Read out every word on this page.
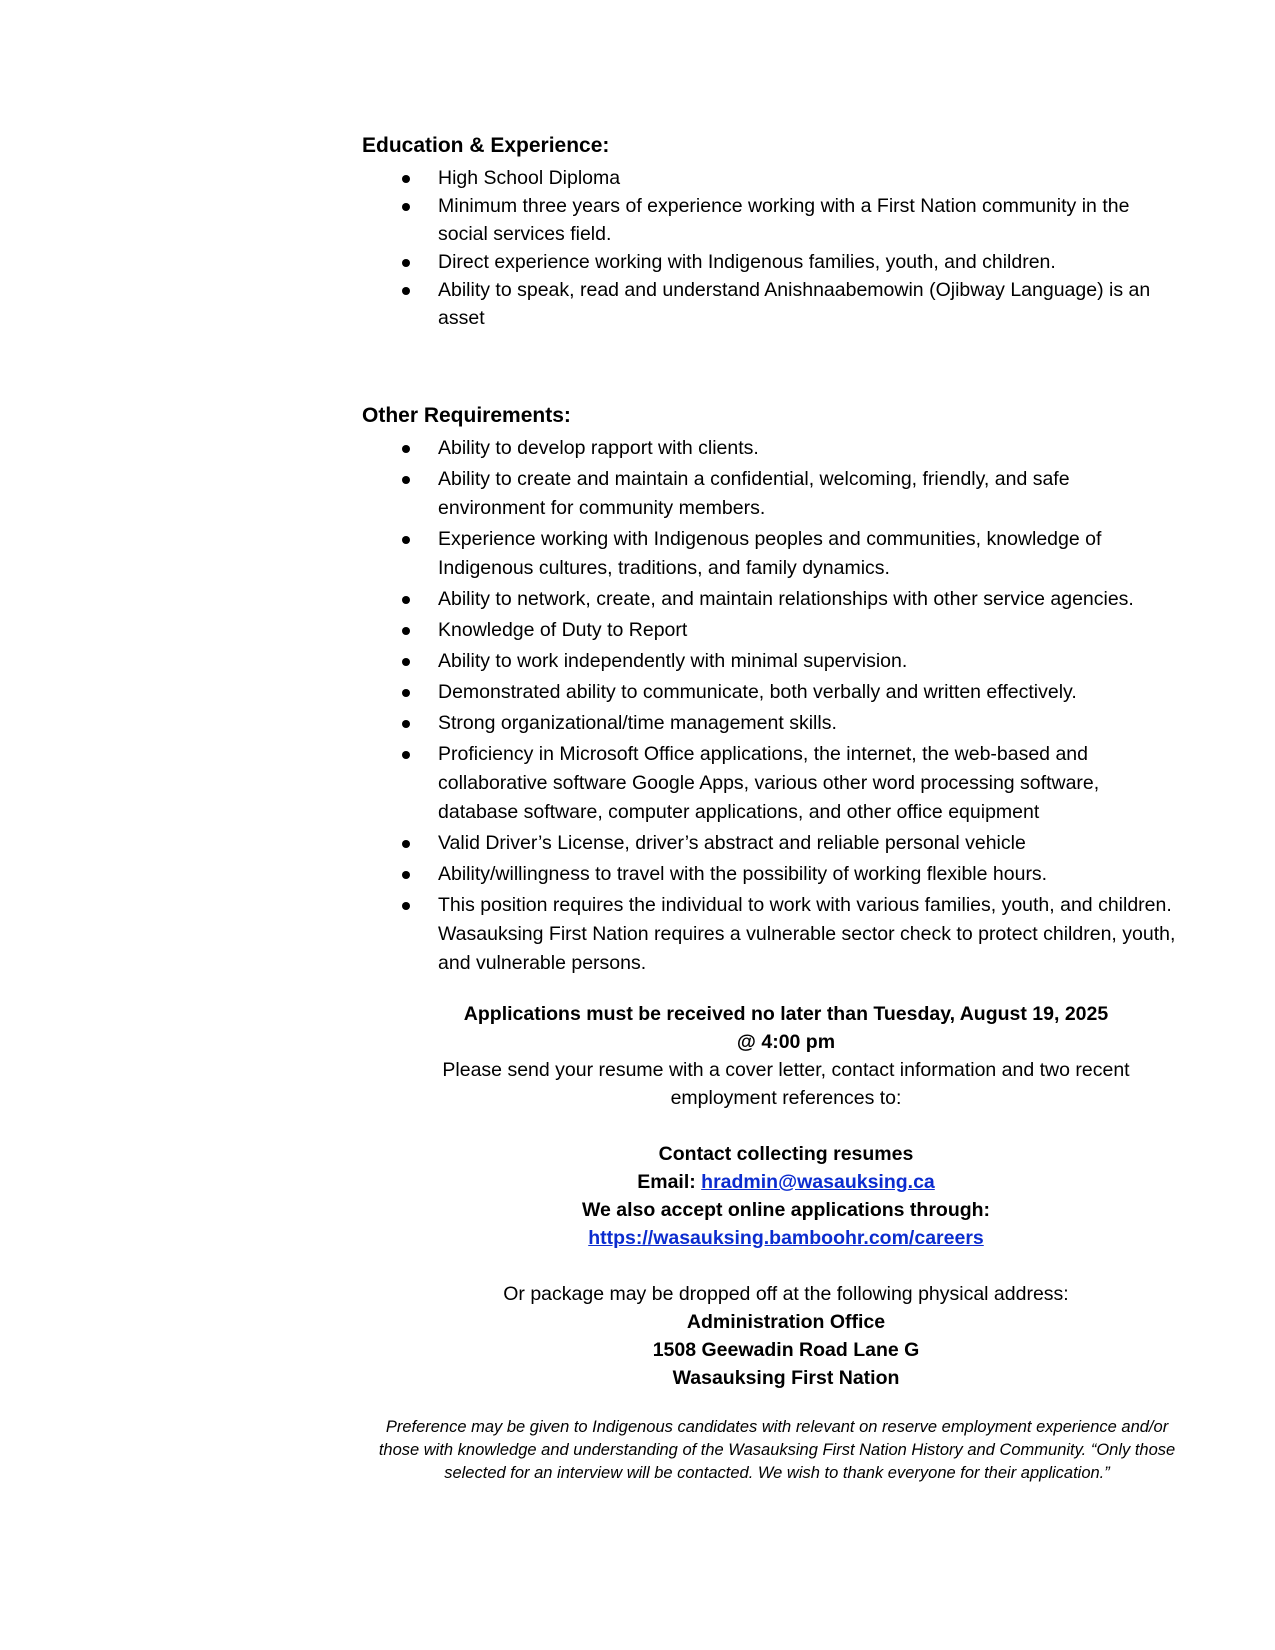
Education & Experience:
High School Diploma
Minimum three years of experience working with a First Nation community in the social services field.
Direct experience working with Indigenous families, youth, and children.
Ability to speak, read and understand Anishnaabemowin (Ojibway Language) is an asset
Other Requirements:
Ability to develop rapport with clients.
Ability to create and maintain a confidential, welcoming, friendly, and safe environment for community members.
Experience working with Indigenous peoples and communities, knowledge of Indigenous cultures, traditions, and family dynamics.
Ability to network, create, and maintain relationships with other service agencies.
Knowledge of Duty to Report
Ability to work independently with minimal supervision.
Demonstrated ability to communicate, both verbally and written effectively.
Strong organizational/time management skills.
Proficiency in Microsoft Office applications, the internet, the web-based and collaborative software Google Apps, various other word processing software, database software, computer applications, and other office equipment
Valid Driver’s License, driver’s abstract and reliable personal vehicle
Ability/willingness to travel with the possibility of working flexible hours.
This position requires the individual to work with various families, youth, and children. Wasauksing First Nation requires a vulnerable sector check to protect children, youth, and vulnerable persons.
Applications must be received no later than Tuesday, August 19, 2025
@ 4:00 pm
Please send your resume with a cover letter, contact information and two recent employment references to:
Contact collecting resumes
Email: hradmin@wasauksing.ca
We also accept online applications through:
https://wasauksing.bamboohr.com/careers
Or package may be dropped off at the following physical address:
Administration Office
1508 Geewadin Road Lane G
Wasauksing First Nation

Preference may be given to Indigenous candidates with relevant on reserve employment experience and/or those with knowledge and understanding of the Wasauksing First Nation History and Community. “Only those selected for an interview will be contacted. We wish to thank everyone for their application.”
